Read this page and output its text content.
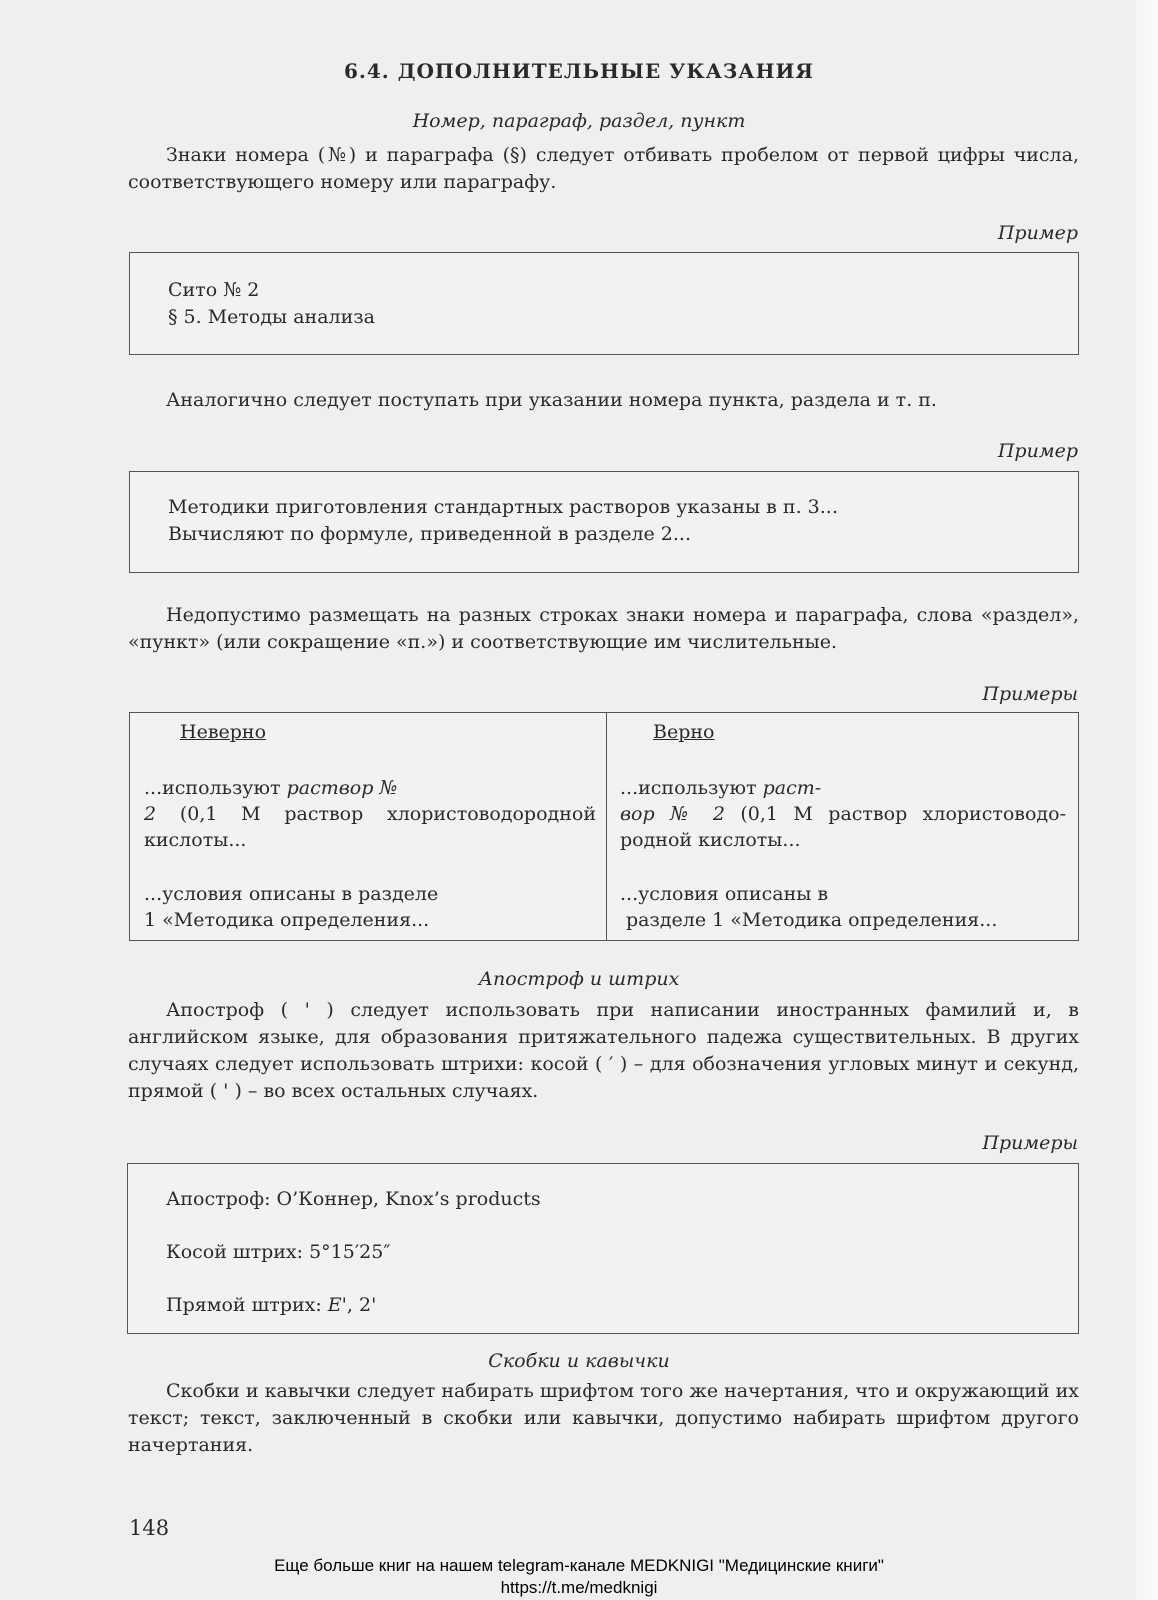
6.4. ДОПОЛНИТЕЛЬНЫЕ УКАЗАНИЯ
Номер, параграф, раздел, пункт
Знаки номера (№) и параграфа (§) следует отбивать пробелом от первой цифры числа, соответствующего номеру или параграфу.
Пример
Сито № 2
§ 5. Методы анализа
Аналогично следует поступать при указании номера пункта, раздела и т. п.
Пример
Методики приготовления стандартных растворов указаны в п. 3...
Вычисляют по формуле, приведенной в разделе 2...
Недопустимо размещать на разных строках знаки номера и параграфа, слова «раздел», «пункт» (или сокращение «п.») и соответствующие им числительные.
Примеры
Неверно	Верно
...используют раствор №
2 (0,1 М раствор хлористоводородной
кислоты...
...используют раст-
вор № 2 (0,1 М раствор хлористоводо-
родной кислоты...
...условия описаны в разделе
1 «Методика определения...
...условия описаны в
разделе 1 «Методика определения...
Апостроф и штрих
Апостроф ( ' ) следует использовать при написании иностранных фамилий и, в английском языке, для образования притяжательного падежа существительных. В других случаях следует использовать штрихи: косой ( ′ ) – для обозначения угловых минут и секунд, прямой ( ' ) – во всех остальных случаях.
Примеры
Апостроф: О’Коннер, Knox’s products
Косой штрих: 5°15′25″
Прямой штрих: E', 2'
Скобки и кавычки
Скобки и кавычки следует набирать шрифтом того же начертания, что и окружающий их текст; текст, заключенный в скобки или кавычки, допустимо набирать шрифтом другого начертания.
148
Еще больше книг на нашем telegram-канале MEDKNIGI "Медицинские книги"
https://t.me/medknigi
